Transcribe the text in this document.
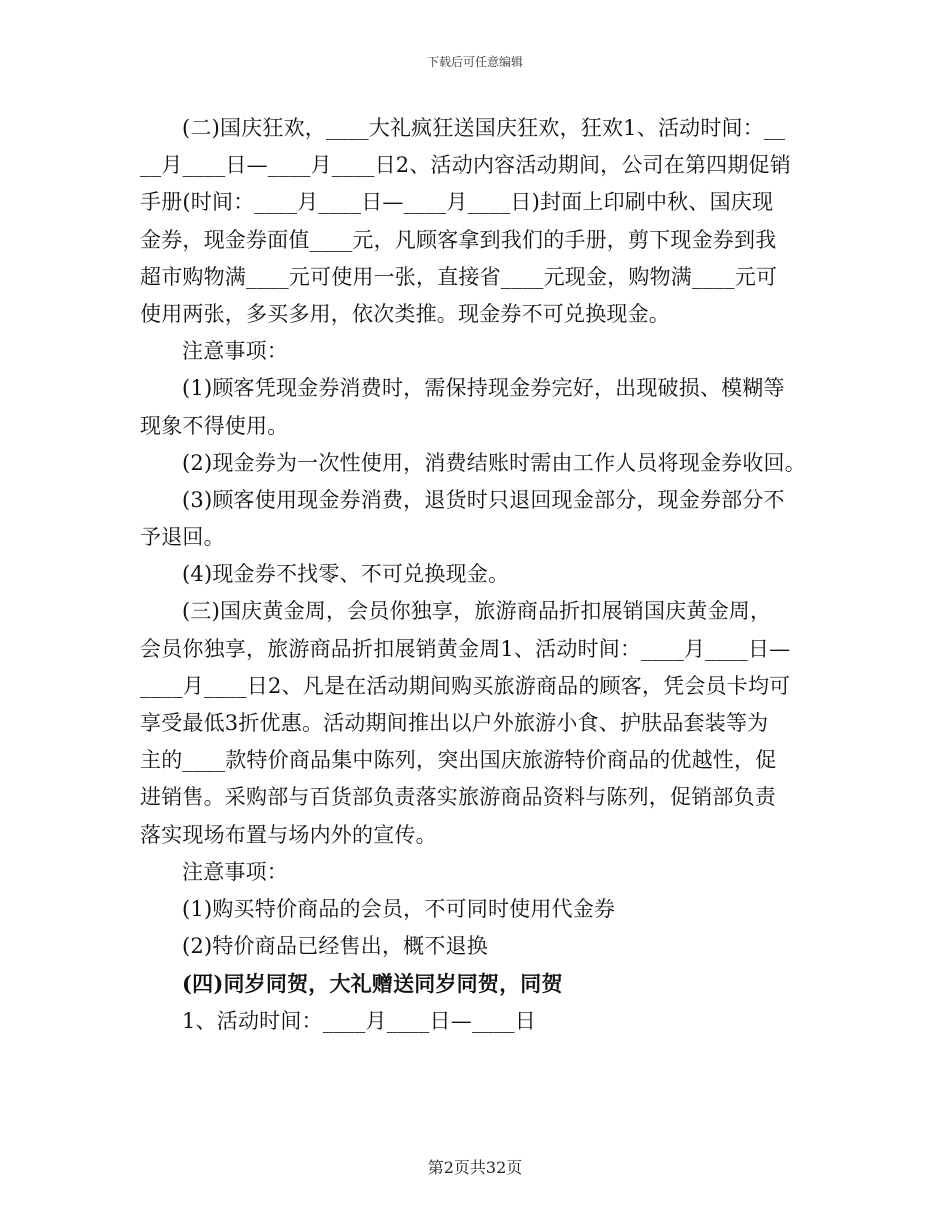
下载后可任意编辑
(二)国庆狂欢，____大礼疯狂送国庆狂欢，狂欢1、活动时间：__
__月____日—____月____日2、活动内容活动期间，公司在第四期促销
手册(时间：____月____日—____月____日)封面上印刷中秋、国庆现
金券，现金券面值____元，凡顾客拿到我们的手册，剪下现金券到我
超市购物满____元可使用一张，直接省____元现金，购物满____元可
使用两张，多买多用，依次类推。现金券不可兑换现金。
注意事项：
(1)顾客凭现金券消费时，需保持现金券完好，出现破损、模糊等
现象不得使用。
(2)现金券为一次性使用，消费结账时需由工作人员将现金券收回。
(3)顾客使用现金券消费，退货时只退回现金部分，现金券部分不
予退回。
(4)现金券不找零、不可兑换现金。
(三)国庆黄金周，会员你独享，旅游商品折扣展销国庆黄金周，
会员你独享，旅游商品折扣展销黄金周1、活动时间：____月____日—
____月____日2、凡是在活动期间购买旅游商品的顾客，凭会员卡均可
享受最低3折优惠。活动期间推出以户外旅游小食、护肤品套装等为
主的____款特价商品集中陈列，突出国庆旅游特价商品的优越性，促
进销售。采购部与百货部负责落实旅游商品资料与陈列，促销部负责
落实现场布置与场内外的宣传。
注意事项：
(1)购买特价商品的会员，不可同时使用代金券
(2)特价商品已经售出，概不退换
(四)同岁同贺，大礼赠送同岁同贺，同贺
1、活动时间：____月____日—____日
第2页共32页
